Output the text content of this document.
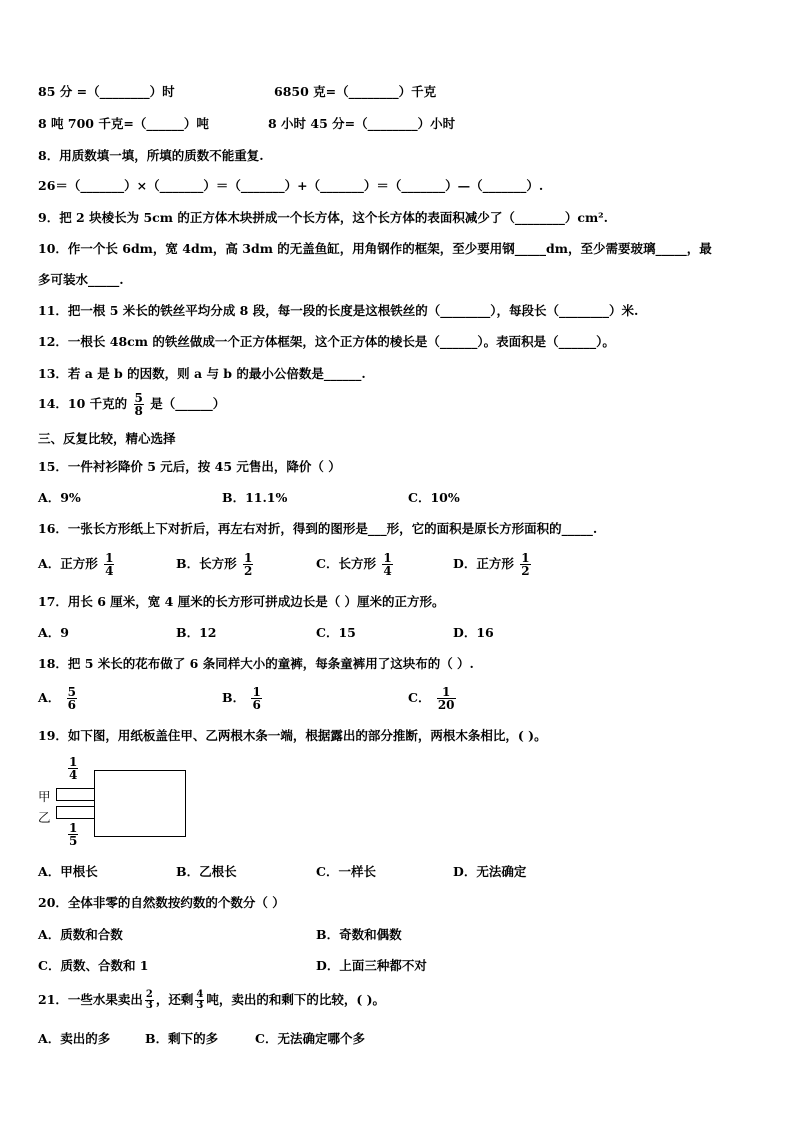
85 分 =（________）时	6850 克=（________）千克
8 吨 700 千克=（______）吨	8 小时 45 分=（________）小时
8．用质数填一填，所填的质数不能重复.
26＝（_______）×（_______）＝（_______）+（_______）＝（_______）—（_______）.
9．把 2 块棱长为 5cm 的正方体木块拼成一个长方体，这个长方体的表面积减少了（________）cm².
10．作一个长 6dm，宽 4dm，高 3dm 的无盖鱼缸，用角钢作的框架，至少要用钢_____dm，至少需要玻璃_____，最
多可装水_____.
11．把一根 5 米长的铁丝平均分成 8 段，每一段的长度是这根铁丝的（________），每段长（________）米.
12．一根长 48cm 的铁丝做成一个正方体框架，这个正方体的棱长是（______）。表面积是（______）。
13．若 a 是 b 的因数，则 a 与 b 的最小公倍数是______.
14．10 千克的 $\frac{5}{8}$ 是（______）
三、反复比较，精心选择
15．一件衬衫降价 5 元后，按 45 元售出，降价（ ）
A．9%	B．11.1%	C．10%
16．一张长方形纸上下对折后，再左右对折，得到的图形是___形，它的面积是原长方形面积的_____.
A．正方形 $\frac{1}{4}$	B．长方形 $\frac{1}{2}$	C．长方形 $\frac{1}{4}$	D．正方形 $\frac{1}{2}$
17．用长 6 厘米，宽 4 厘米的长方形可拼成边长是（ ）厘米的正方形。
A．9	B．12	C．15	D．16
18．把 5 米长的花布做了 6 条同样大小的童裤，每条童裤用了这块布的（ ）.
A． $\frac{5}{6}$	B． $\frac{1}{6}$	C． $\frac{1}{20}$
19．如下图，用纸板盖住甲、乙两根木条一端，根据露出的部分推断，两根木条相比，( )。
$\frac{1}{4}$
甲
乙
$\frac{1}{5}$
A．甲根长	B．乙根长	C．一样长	D．无法确定
20．全体非零的自然数按约数的个数分（ ）
A．质数和合数	B．奇数和偶数
C．质数、合数和 1	D．上面三种都不对
21．一些水果卖出 $\frac{2}{3}$ ，还剩 $\frac{4}{3}$ 吨，卖出的和剩下的比较，( )。
A．卖出的多	B．剩下的多	C．无法确定哪个多
